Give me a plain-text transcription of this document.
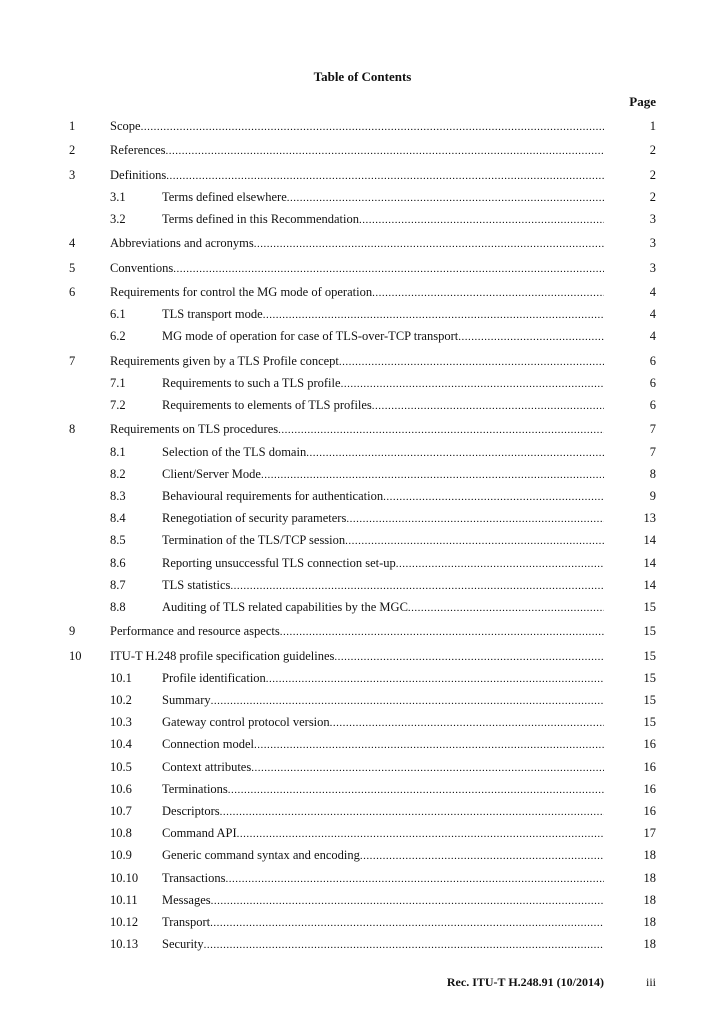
Table of Contents
Page
1	Scope .....	1
2	References .....	2
3	Definitions .....	2
3.1	Terms defined elsewhere .....	2
3.2	Terms defined in this Recommendation .....	3
4	Abbreviations and acronyms .....	3
5	Conventions .....	3
6	Requirements for control the MG mode of operation .....	4
6.1	TLS transport mode .....	4
6.2	MG mode of operation for case of TLS-over-TCP transport .....	4
7	Requirements given by a TLS Profile concept .....	6
7.1	Requirements to such a TLS profile .....	6
7.2	Requirements to elements of TLS profiles .....	6
8	Requirements on TLS procedures .....	7
8.1	Selection of the TLS domain .....	7
8.2	Client/Server Mode .....	8
8.3	Behavioural requirements for authentication .....	9
8.4	Renegotiation of security parameters .....	13
8.5	Termination of the TLS/TCP session .....	14
8.6	Reporting unsuccessful TLS connection set-up .....	14
8.7	TLS statistics .....	14
8.8	Auditing of TLS related capabilities by the MGC .....	15
9	Performance and resource aspects .....	15
10 ITU-T H.248 profile specification guidelines .....	15
10.1 Profile identification .....	15
10.2 Summary .....	15
10.3 Gateway control protocol version .....	15
10.4 Connection model .....	16
10.5 Context attributes .....	16
10.6 Terminations .....	16
10.7 Descriptors .....	16
10.8 Command API .....	17
10.9 Generic command syntax and encoding .....	18
10.10 Transactions .....	18
10.11 Messages .....	18
10.12 Transport .....	18
10.13 Security .....	18
Rec. ITU-T H.248.91 (10/2014)	iii
